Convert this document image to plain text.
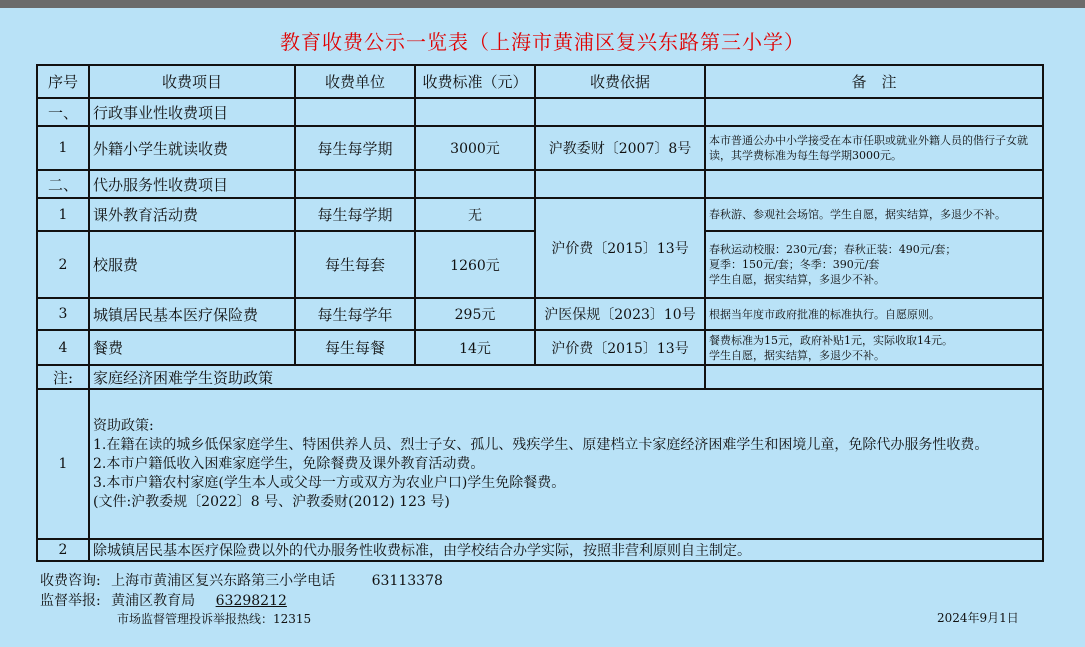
教育收费公示一览表（上海市黄浦区复兴东路第三小学）
序号	收费项目	收费单位	收费标准（元）	收费依据	备　注
一、	行政事业性收费项目				
1	外籍小学生就读收费	每生每学期	3000元	沪教委财〔2007〕8号	本市普通公办中小学接受在本市任职或就业外籍人员的偕行子女就读，其学费标准为每生每学期3000元。
二、	代办服务性收费项目				
1	课外教育活动费	每生每学期	无	沪价费〔2015〕13号	春秋游、参观社会场馆。学生自愿，据实结算，多退少不补。
2	校服费	每生每套	1260元		春秋运动校服：230元/套；春秋正装：490元/套；
夏季：150元/套；冬季：390元/套
学生自愿，据实结算，多退少不补。

3	城镇居民基本医疗保险费	每生每学年	295元	沪医保规〔2023〕10号	根据当年度市政府批准的标准执行。自愿原则。
4	餐费	每生每餐	14元	沪价费〔2015〕13号	餐费标准为15元，政府补贴1元，实际收取14元。
学生自愿，据实结算，多退少不补。

注:	家庭经济困难学生资助政策				
1	资助政策:
1.在籍在读的城乡低保家庭学生、特困供养人员、烈士子女、孤儿、残疾学生、原建档立卡家庭经济困难学生和困境儿童，免除代办服务性收费。
2.本市户籍低收入困难家庭学生，免除餐费及课外教育活动费。
3.本市户籍农村家庭(学生本人或父母一方或双方为农业户口)学生免除餐费。
(文件:沪教委规〔2022〕8 号、沪教委财(2012) 123 号)				

2	除城镇居民基本医疗保险费以外的代办服务性收费标准，由学校结合办学实际，按照非营利原则自主制定。				
收费咨询: 上海市黄浦区复兴东路第三小学电话	63113378
监督举报: 黄浦区教育局 63298212
市场监督管理投诉举报热线：12315	2024年9月1日
